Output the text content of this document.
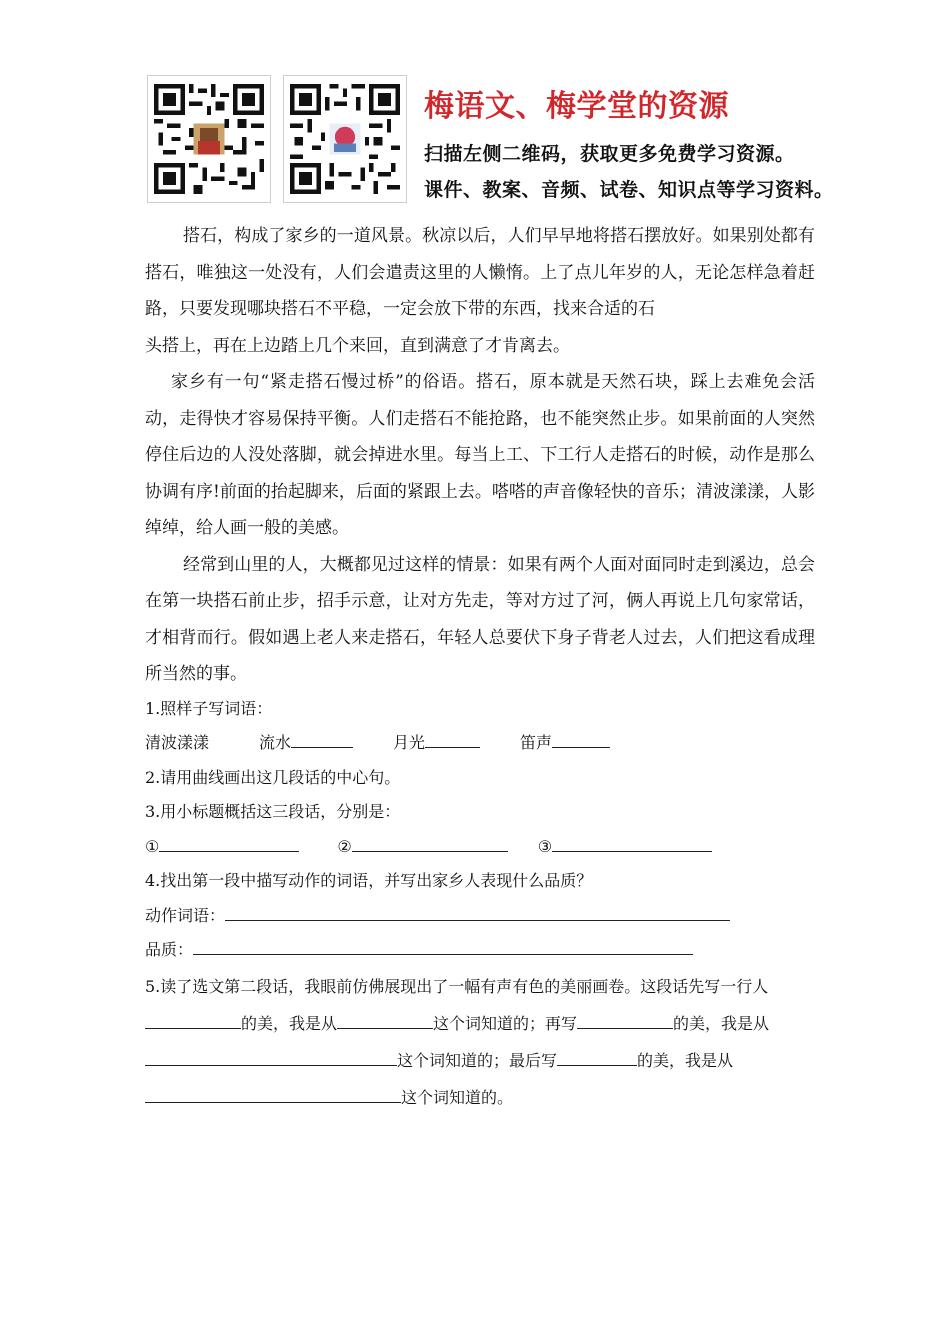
梅语文、梅学堂的资源
扫描左侧二维码，获取更多免费学习资源。
课件、教案、音频、试卷、知识点等学习资料。

搭石，构成了家乡的一道风景。秋凉以后，人们早早地将搭石摆放好。如果别处都有搭石，唯独这一处没有，人们会遣责这里的人懒惰。上了点儿年岁的人，无论怎样急着赶路，只要发现哪块搭石不平稳，一定会放下带的东西，找来合适的石

头搭上，再在上边踏上几个来回，直到满意了才肯离去。

家乡有一句“紧走搭石慢过桥”的俗语。搭石，原本就是天然石块，踩上去难免会活动，走得快才容易保持平衡。人们走搭石不能抢路，也不能突然止步。如果前面的人突然停住后边的人没处落脚，就会掉进水里。每当上工、下工行人走搭石的时候，动作是那么协调有序!前面的抬起脚来，后面的紧跟上去。嗒嗒的声音像轻快的音乐；清波漾漾，人影绰绰，给人画一般的美感。

经常到山里的人，大概都见过这样的情景：如果有两个人面对面同时走到溪边，总会在第一块搭石前止步，招手示意，让对方先走，等对方过了河，俩人再说上几句家常话，才相背而行。假如遇上老人来走搭石，年轻人总要伏下身子背老人过去，人们把这看成理所当然的事。

1.照样子写词语：

清波漾漾	流水	月光	笛声

2.请用曲线画出这几段话的中心句。

3.用小标题概括这三段话，分别是：

①	②	③

4.找出第一段中描写动作的词语，并写出家乡人表现什么品质？

动作词语：

品质：

5.读了选文第二段话，我眼前仿佛展现出了一幅有声有色的美丽画卷。这段话先写一行人的美，我是从	这个词知道的；再写	的美，我是从这个词知道的；最后写	的美，我是从这个词知道的。
